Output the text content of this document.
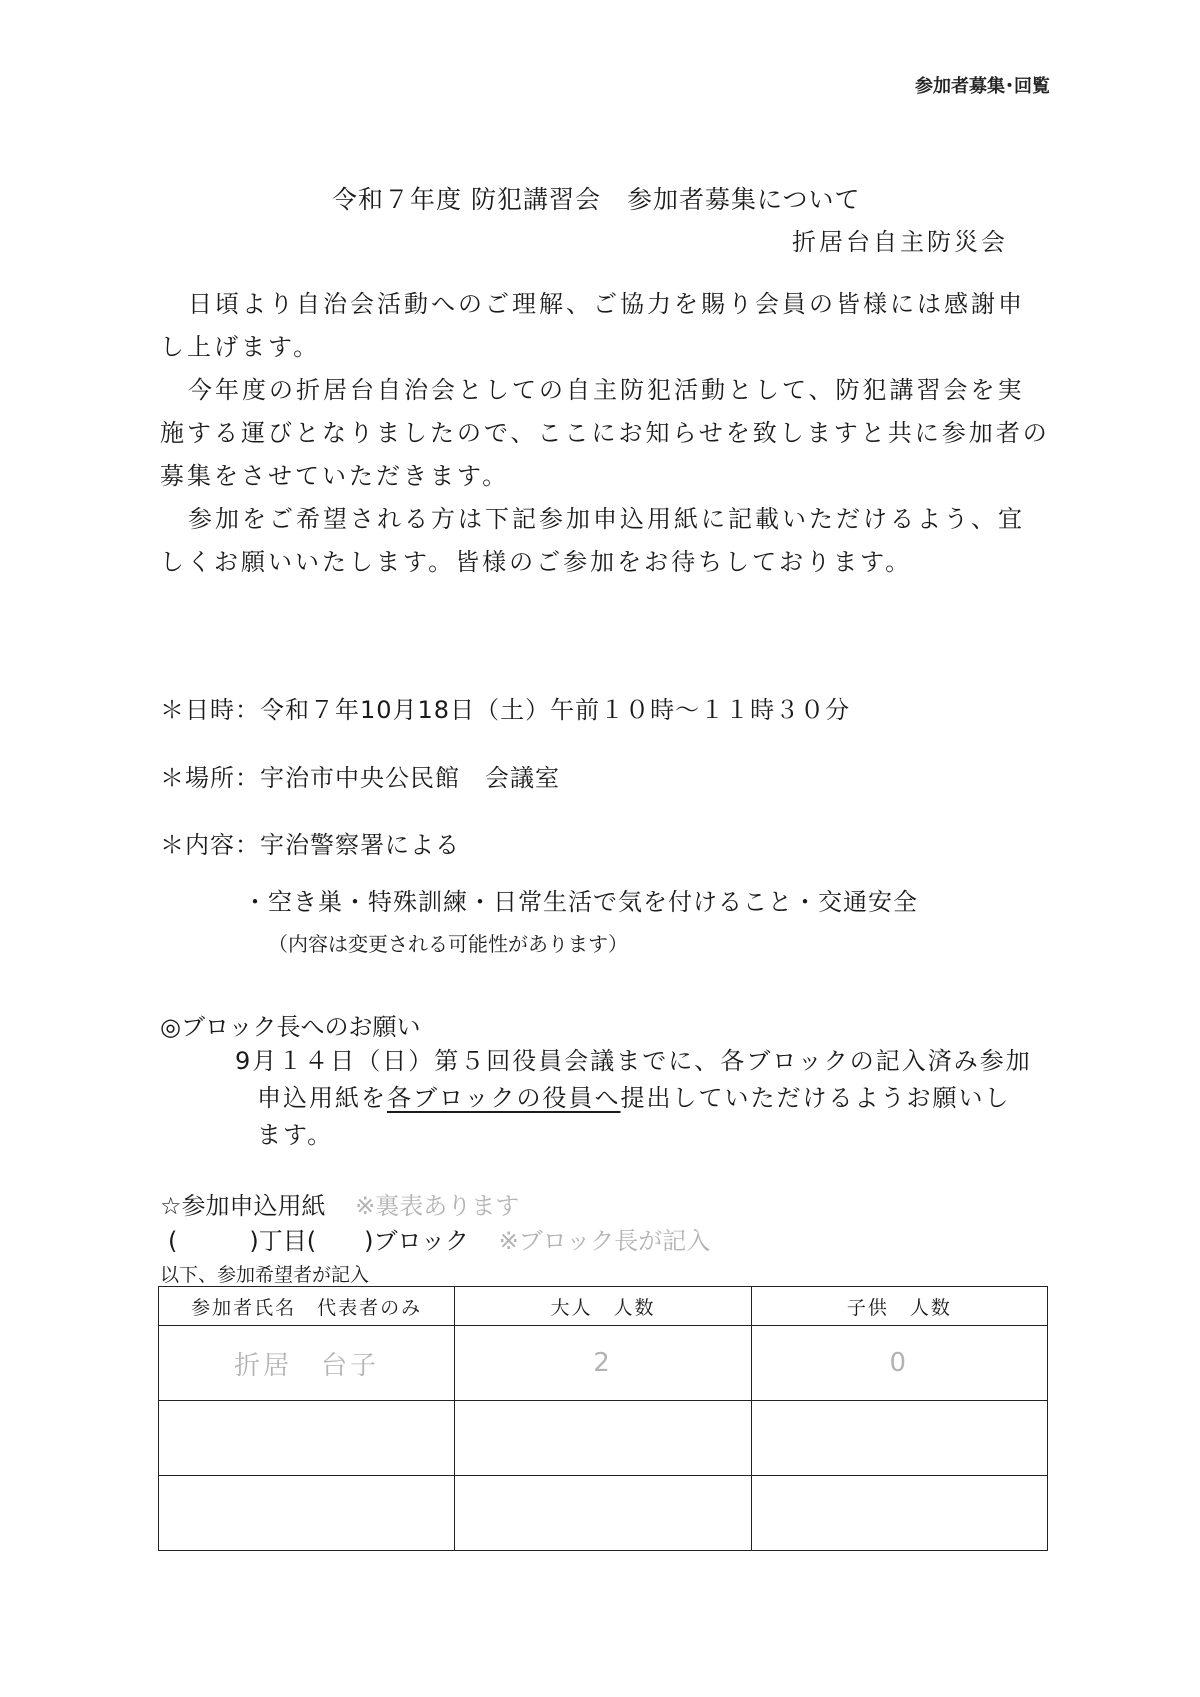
参加者募集･回覧
令和７年度 防犯講習会　参加者募集について
折居台自主防災会

日頃より自治会活動へのご理解、ご協力を賜り会員の皆様には感謝申し上げます。

今年度の折居台自治会としての自主防犯活動として、防犯講習会を実施する運びとなりましたので、ここにお知らせを致しますと共に参加者の募集をさせていただきます。

参加をご希望される方は下記参加申込用紙に記載いただけるよう、宜しくお願いいたします。皆様のご参加をお待ちしております。

＊日時：令和７年10月18日（土）午前１０時～１１時３０分
＊場所：宇治市中央公民館　会議室
＊内容：宇治警察署による
・空き巣・特殊訓練・日常生活で気を付けること・交通安全
（内容は変更される可能性があります）
◎ブロック長へのお願い
9月１４日（日）第５回役員会議までに、各ブロックの記入済み参加
申込用紙を各ブロックの役員へ提出していただけるようお願いし
ます。
☆参加申込用紙 ※裏表あります
(　　　)丁目(　　)ブロック ※ブロック長が記入
以下、参加希望者が記入
参加者氏名　代表者のみ	大人　人数	子供　人数
折居　台子	2	0
